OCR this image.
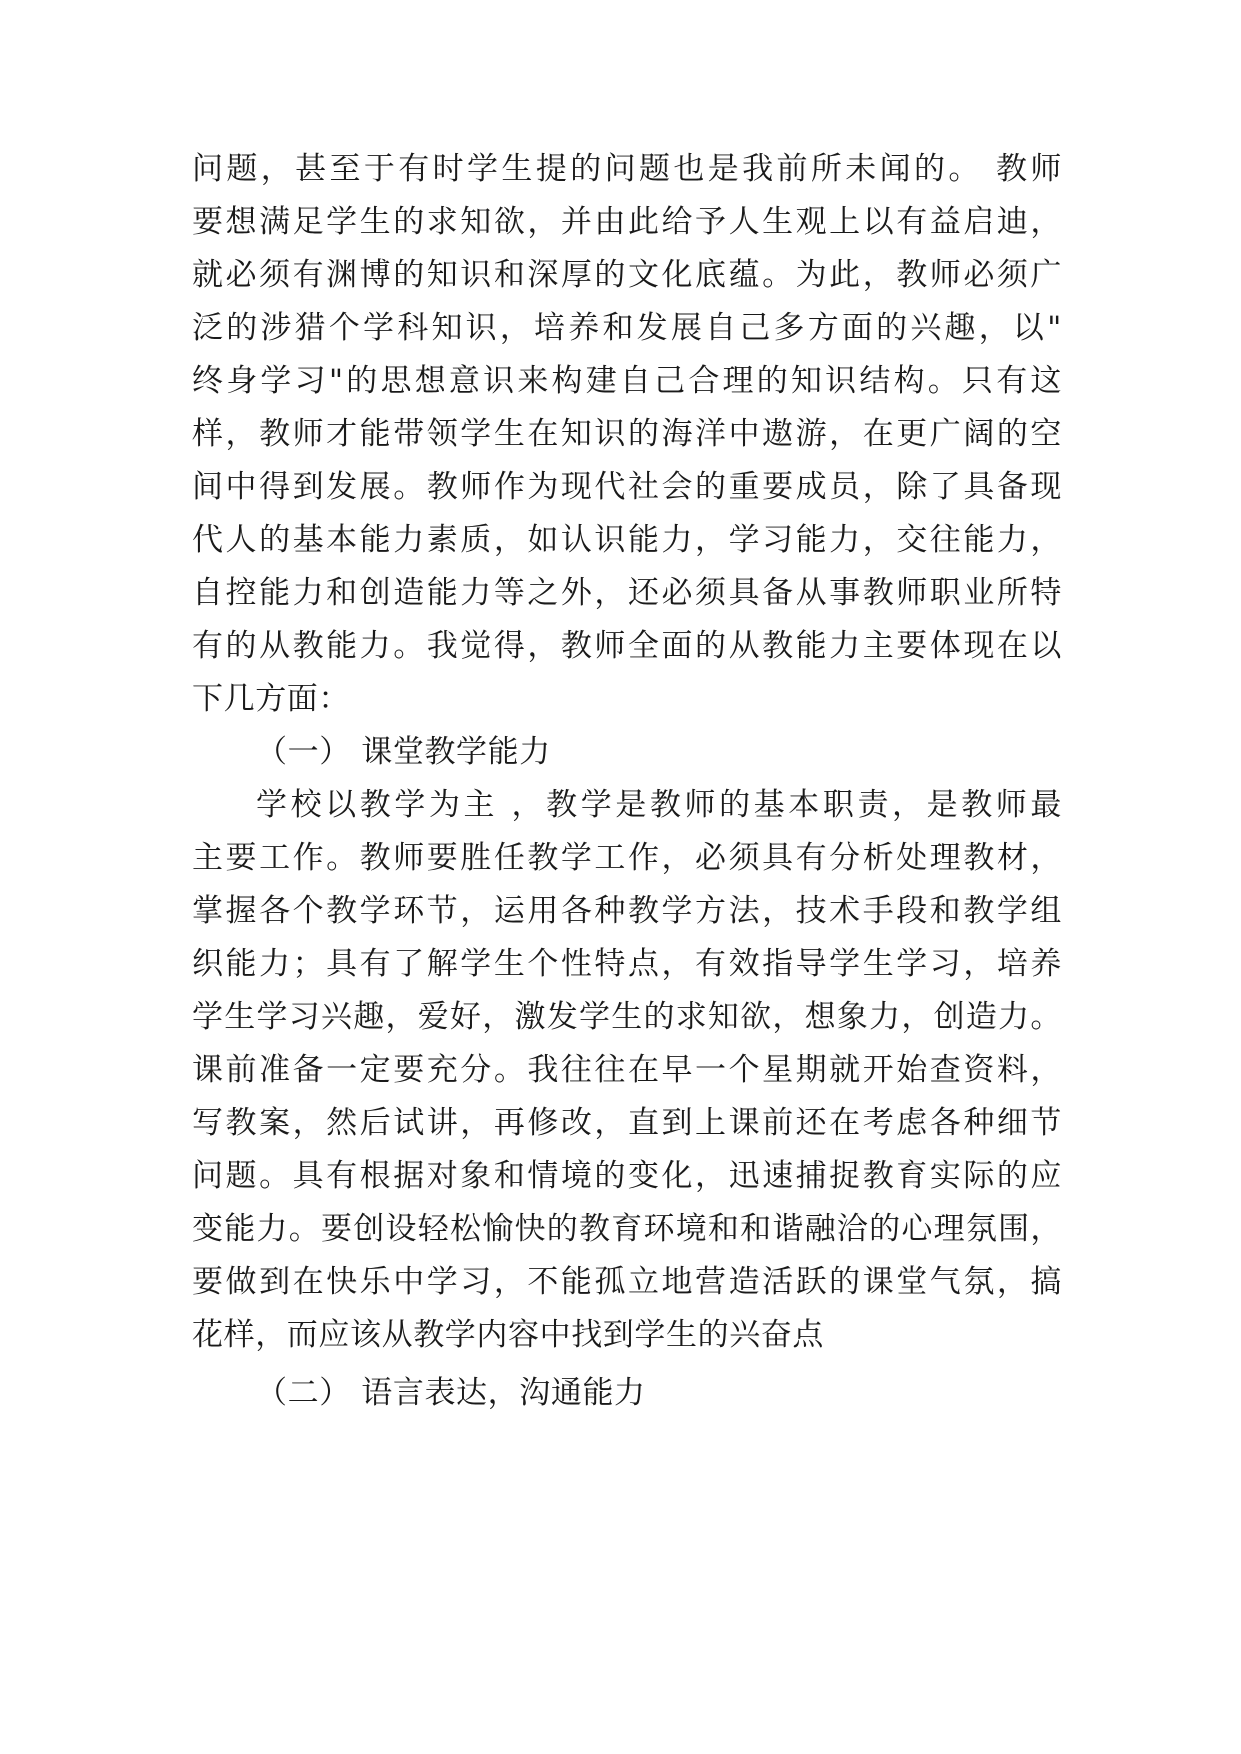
问题，甚至于有时学生提的问题也是我前所未闻的。 教师
要想满足学生的求知欲，并由此给予人生观上以有益启迪，
就必须有渊博的知识和深厚的文化底蕴。为此，教师必须广
泛的涉猎个学科知识，培养和发展自己多方面的兴趣，以"
终身学习"的思想意识来构建自己合理的知识结构。只有这
样，教师才能带领学生在知识的海洋中遨游，在更广阔的空
间中得到发展。教师作为现代社会的重要成员，除了具备现
代人的基本能力素质，如认识能力，学习能力，交往能力，
自控能力和创造能力等之外，还必须具备从事教师职业所特
有的从教能力。我觉得，教师全面的从教能力主要体现在以
下几方面：
（一） 课堂教学能力
学校以教学为主 ，教学是教师的基本职责，是教师最
主要工作。教师要胜任教学工作，必须具有分析处理教材，
掌握各个教学环节，运用各种教学方法，技术手段和教学组
织能力；具有了解学生个性特点，有效指导学生学习，培养
学生学习兴趣，爱好，激发学生的求知欲，想象力，创造力。
课前准备一定要充分。我往往在早一个星期就开始查资料，
写教案，然后试讲，再修改，直到上课前还在考虑各种细节
问题。具有根据对象和情境的变化，迅速捕捉教育实际的应
变能力。要创设轻松愉快的教育环境和和谐融洽的心理氛围，
要做到在快乐中学习，不能孤立地营造活跃的课堂气氛，搞
花样，而应该从教学内容中找到学生的兴奋点
（二） 语言表达，沟通能力
